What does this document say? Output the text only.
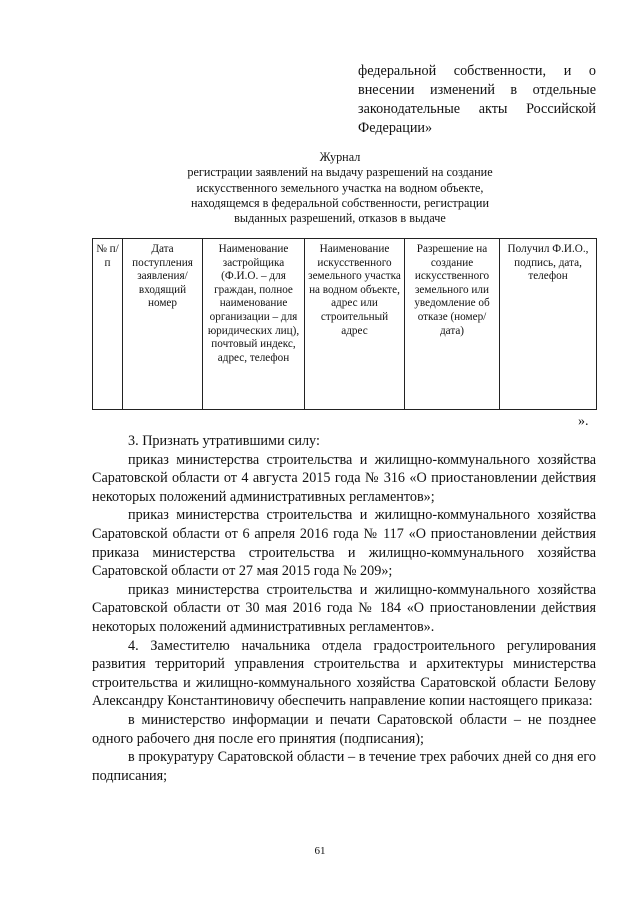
федеральной собственности, и о
внесении изменений в отдельные
законодательные акты Российской
Федерации»
Журнал
регистрации заявлений на выдачу разрешений на создание
искусственного земельного участка на водном объекте,
находящемся в федеральной собственности, регистрации
выданных разрешений, отказов в выдаче
№ п/п	Дата поступления заявления/ входящий номер	Наименование застройщика (Ф.И.О. – для граждан, полное наименование организации – для юридических лиц), почтовый индекс, адрес, телефон	Наименование искусственного земельного участка на водном объекте, адрес или строительный адрес	Разрешение на создание искусственного земельного или уведомление об отказе (номер/дата)	Получил Ф.И.О., подпись, дата, телефон
».

3. Признать утратившими силу:

приказ министерства строительства и жилищно-коммунального хозяйства Саратовской области от 4 августа 2015 года № 316 «О приостановлении действия некоторых положений административных регламентов»;

приказ министерства строительства и жилищно-коммунального хозяйства Саратовской области от 6 апреля 2016 года № 117 «О приостановлении действия приказа министерства строительства и жилищно-коммунального хозяйства Саратовской области от 27 мая 2015 года № 209»;

приказ министерства строительства и жилищно-коммунального хозяйства Саратовской области от 30 мая 2016 года № 184 «О приостановлении действия некоторых положений административных регламентов».

4. Заместителю начальника отдела градостроительного регулирования развития территорий управления строительства и архитектуры министерства строительства и жилищно-коммунального хозяйства Саратовской области Белову Александру Константиновичу обеспечить направление копии настоящего приказа:

в министерство информации и печати Саратовской области – не позднее одного рабочего дня после его принятия (подписания);

в прокуратуру Саратовской области – в течение трех рабочих дней со дня его подписания;

61
